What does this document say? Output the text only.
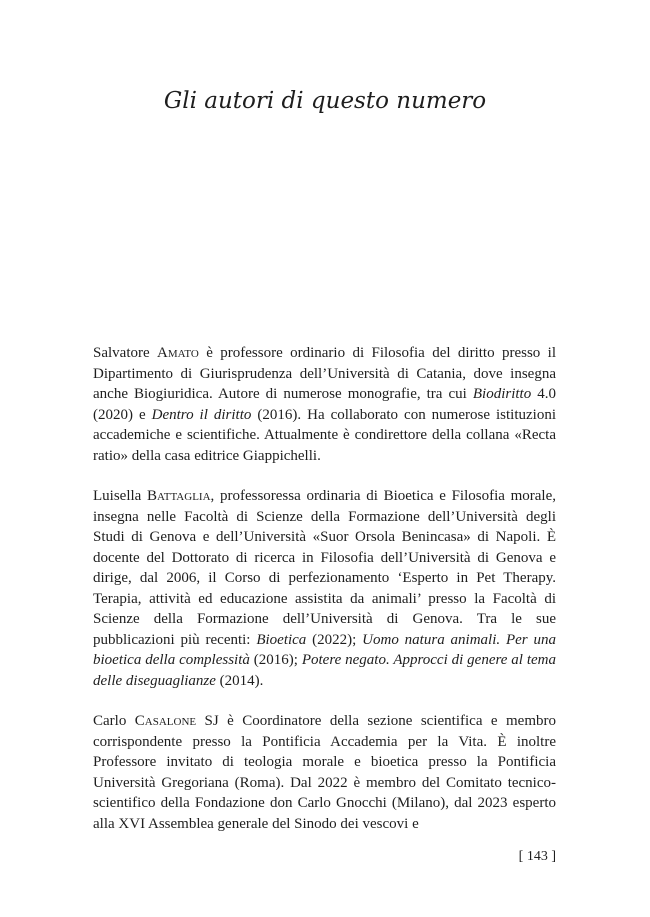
Gli autori di questo numero

Salvatore Amato è professore ordinario di Filosofia del diritto presso il Dipartimento di Giurisprudenza dell’Università di Catania, dove insegna anche Biogiuridica. Autore di numerose monografie, tra cui Biodiritto 4.0 (2020) e Dentro il diritto (2016). Ha collaborato con numerose istituzioni accademiche e scientifiche. Attualmente è condirettore della collana «Recta ratio» della casa editrice Giappichelli.

Luisella Battaglia, professoressa ordinaria di Bioetica e Filosofia morale, insegna nelle Facoltà di Scienze della Formazione dell’Università degli Studi di Genova e dell’Università «Suor Orsola Benincasa» di Napoli. È docente del Dottorato di ricerca in Filosofia dell’Università di Genova e dirige, dal 2006, il Corso di perfezionamento ‘Esperto in Pet Therapy. Terapia, attività ed educazione assistita da animali’ presso la Facoltà di Scienze della Formazione dell’Università di Genova. Tra le sue pubblicazioni più recenti: Bioetica (2022); Uomo natura animali. Per una bioetica della complessità (2016); Potere negato. Approcci di genere al tema delle diseguaglianze (2014).

Carlo Casalone SJ è Coordinatore della sezione scientifica e membro corrispondente presso la Pontificia Accademia per la Vita. È inoltre Professore invitato di teologia morale e bioetica presso la Pontificia Università Gregoriana (Roma). Dal 2022 è membro del Comitato tecnico-scientifico della Fondazione don Carlo Gnocchi (Milano), dal 2023 esperto alla XVI Assemblea generale del Sinodo dei vescovi e

[ 143 ]
